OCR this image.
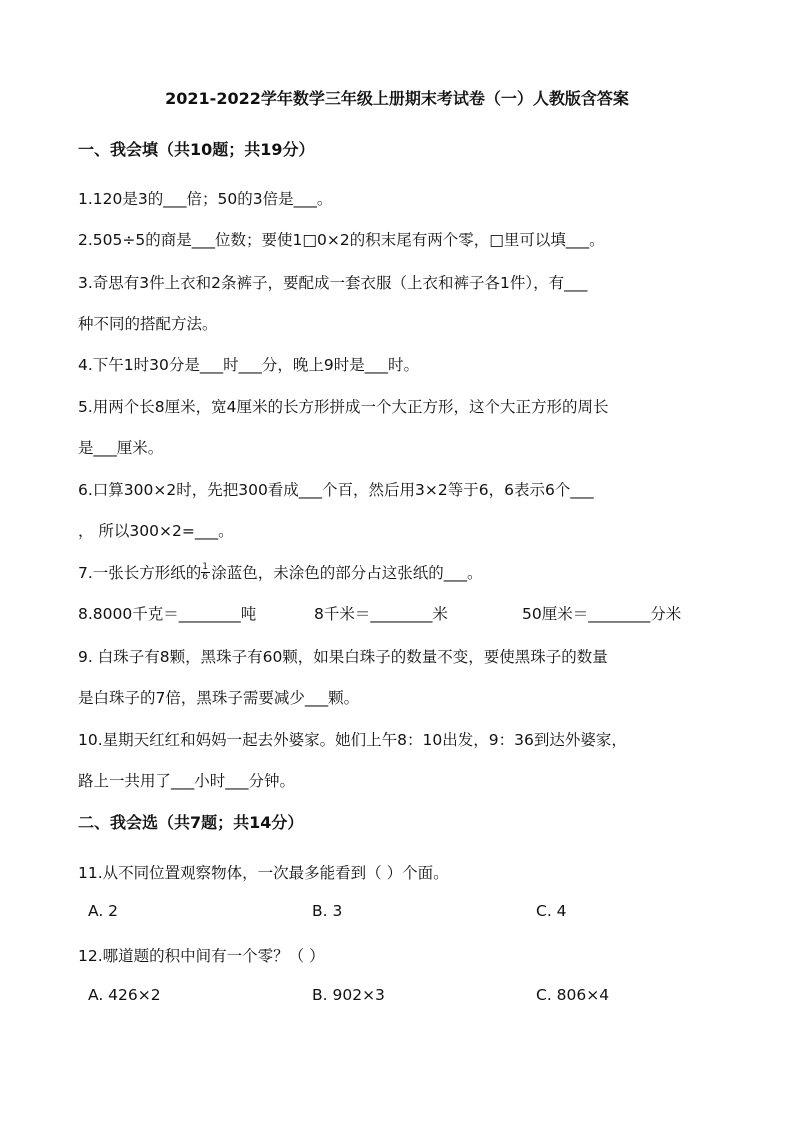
2021-2022学年数学三年级上册期末考试卷（一）人教版含答案
一、我会填（共10题；共19分）
1.120是3的___倍；50的3倍是___。
2.505÷5的商是___位数；要使1□0×2的积末尾有两个零，□里可以填___。
3.奇思有3件上衣和2条裤子，要配成一套衣服（上衣和裤子各1件），有___
种不同的搭配方法。
4.下午1时30分是___时___分，晚上9时是___时。
5.用两个长8厘米，宽4厘米的长方形拼成一个大正方形，这个大正方形的周长
是___厘米。
6.口算300×2时，先把300看成___个百，然后用3×2等于6，6表示6个___
， 所以300×2=___。
7.一张长方形纸的 $\frac{1}{6}$ 涂蓝色，未涂色的部分占这张纸的___。
8.8000千克＝________吨	8千米＝________米	50厘米＝________分米
9. 白珠子有8颗，黑珠子有60颗，如果白珠子的数量不变，要使黑珠子的数量
是白珠子的7倍，黑珠子需要减少___颗。
10.星期天红红和妈妈一起去外婆家。她们上午8：10出发，9：36到达外婆家，
路上一共用了___小时___分钟。
二、我会选（共7题；共14分）
11.从不同位置观察物体，一次最多能看到（ ）个面。
A. 2	B. 3	C. 4
12.哪道题的积中间有一个零？（ ）
A. 426×2	B. 902×3	C. 806×4
